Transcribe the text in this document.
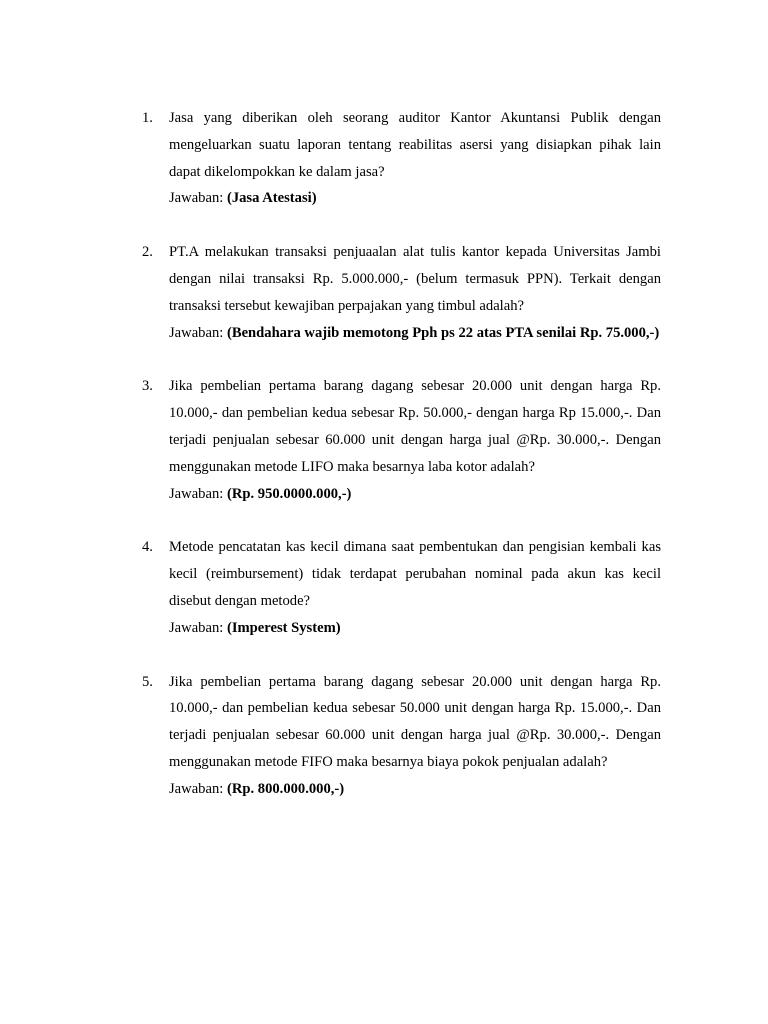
1. Jasa yang diberikan oleh seorang auditor Kantor Akuntansi Publik dengan mengeluarkan suatu laporan tentang reabilitas asersi yang disiapkan pihak lain dapat dikelompokkan ke dalam jasa?
Jawaban: (Jasa Atestasi)
2. PT.A melakukan transaksi penjuaalan alat tulis kantor kepada Universitas Jambi dengan nilai transaksi Rp. 5.000.000,- (belum termasuk PPN). Terkait dengan transaksi tersebut kewajiban perpajakan yang timbul adalah?
Jawaban: (Bendahara wajib memotong Pph ps 22 atas PTA senilai Rp. 75.000,-)
3. Jika pembelian pertama barang dagang sebesar 20.000 unit dengan harga Rp. 10.000,- dan pembelian kedua sebesar Rp. 50.000,- dengan harga Rp 15.000,-. Dan terjadi penjualan sebesar 60.000 unit dengan harga jual @Rp. 30.000,-. Dengan menggunakan metode LIFO maka besarnya laba kotor adalah?
Jawaban: (Rp. 950.0000.000,-)
4. Metode pencatatan kas kecil dimana saat pembentukan dan pengisian kembali kas kecil (reimbursement) tidak terdapat perubahan nominal pada akun kas kecil disebut dengan metode?
Jawaban: (Imperest System)
5. Jika pembelian pertama barang dagang sebesar 20.000 unit dengan harga Rp. 10.000,- dan pembelian kedua sebesar 50.000 unit dengan harga Rp. 15.000,-. Dan terjadi penjualan sebesar 60.000 unit dengan harga jual @Rp. 30.000,-. Dengan menggunakan metode FIFO maka besarnya biaya pokok penjualan adalah?
Jawaban: (Rp. 800.000.000,-)
